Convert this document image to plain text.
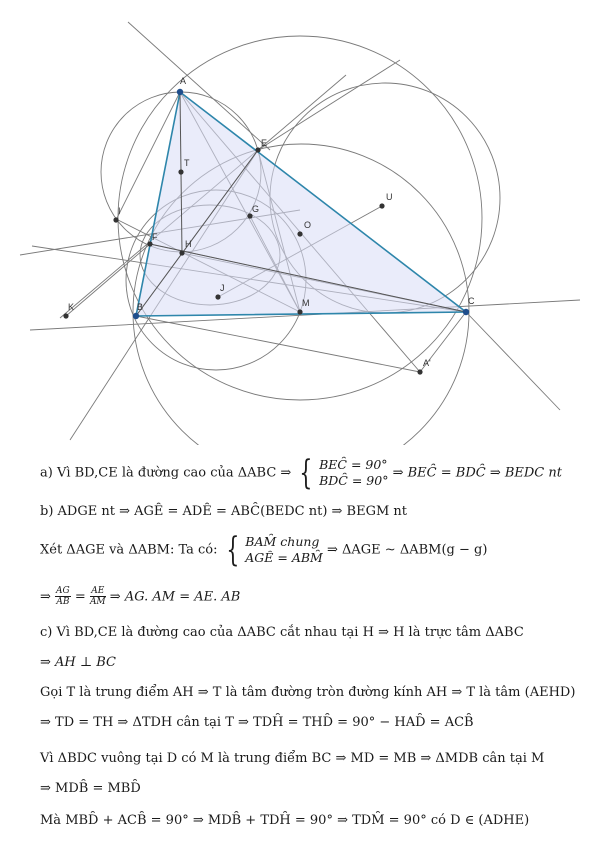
A
B
C
E
F
G
H
T
K
I
J
O
U
M
A'
a) Vì BD,CE là đường cao của ΔABC ⇒ { BEC̑ = 90°
BDC̑ = 90° ⇒ BEC̑ = BDC̑ ⇒ BEDC nt
b) ADGE nt ⇒ AGȆ = ADȆ = ABC̑(BEDC nt) ⇒ BEGM nt
Xét ΔAGE và ΔABM: Ta có: { BAM̑ chung
AGȆ = ABM̑ ⇒ ΔAGE ∼ ΔABM(g − g)
⇒ $\frac{AG}{AB} = \frac{AE}{AM}$ ⇒ AG. AM = AE. AB
c) Vì BD,CE là đường cao của ΔABC cắt nhau tại H ⇒ H là trực tâm ΔABC
⇒ AH ⊥ BC
Gọi T là trung điểm AH ⇒ T là tâm đường tròn đường kính AH ⇒ T là tâm (AEHD)
⇒ TD = TH ⇒ ΔTDH cân tại T ⇒ TDH̑ = THD̑ = 90° − HAD̑ = ACB̑
Vì ΔBDC vuông tại D có M là trung điểm BC ⇒ MD = MB ⇒ ΔMDB cân tại M
⇒ MDB̑ = MBD̑
Mà MBD̑ + ACB̑ = 90° ⇒ MDB̑ + TDH̑ = 90° ⇒ TDM̑ = 90° có D ∈ (ADHE)
